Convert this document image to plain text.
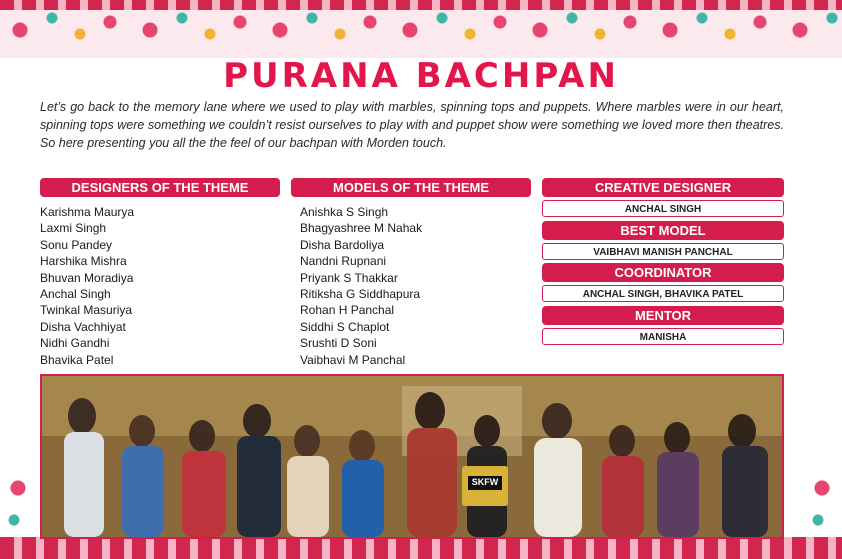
PURANA BACHPAN
Let’s go back to the memory lane where we used to play with marbles, spinning tops and puppets. Where marbles were in our heart, spinning tops were something we couldn’t resist ourselves to play with and puppet show were something we loved more then theatres. So here presenting you all the the feel of our bachpan with Morden touch.
DESIGNERS OF THE THEME
Karishma Maurya
Laxmi Singh
Sonu Pandey
Harshika Mishra
Bhuvan Moradiya
Anchal Singh
Twinkal Masuriya
Disha Vachhiyat
Nidhi Gandhi
Bhavika Patel
MODELS OF THE THEME
Anishka S Singh
Bhagyashree M Nahak
Disha Bardoliya
Nandni Rupnani
Priyank S Thakkar
Ritiksha G Siddhapura
Rohan H Panchal
Siddhi S Chaplot
Srushti D Soni
Vaibhavi M Panchal
CREATIVE DESIGNER
ANCHAL SINGH
BEST MODEL
VAIBHAVI MANISH PANCHAL
COORDINATOR
ANCHAL SINGH, BHAVIKA PATEL
MENTOR
MANISHA
SKFW
